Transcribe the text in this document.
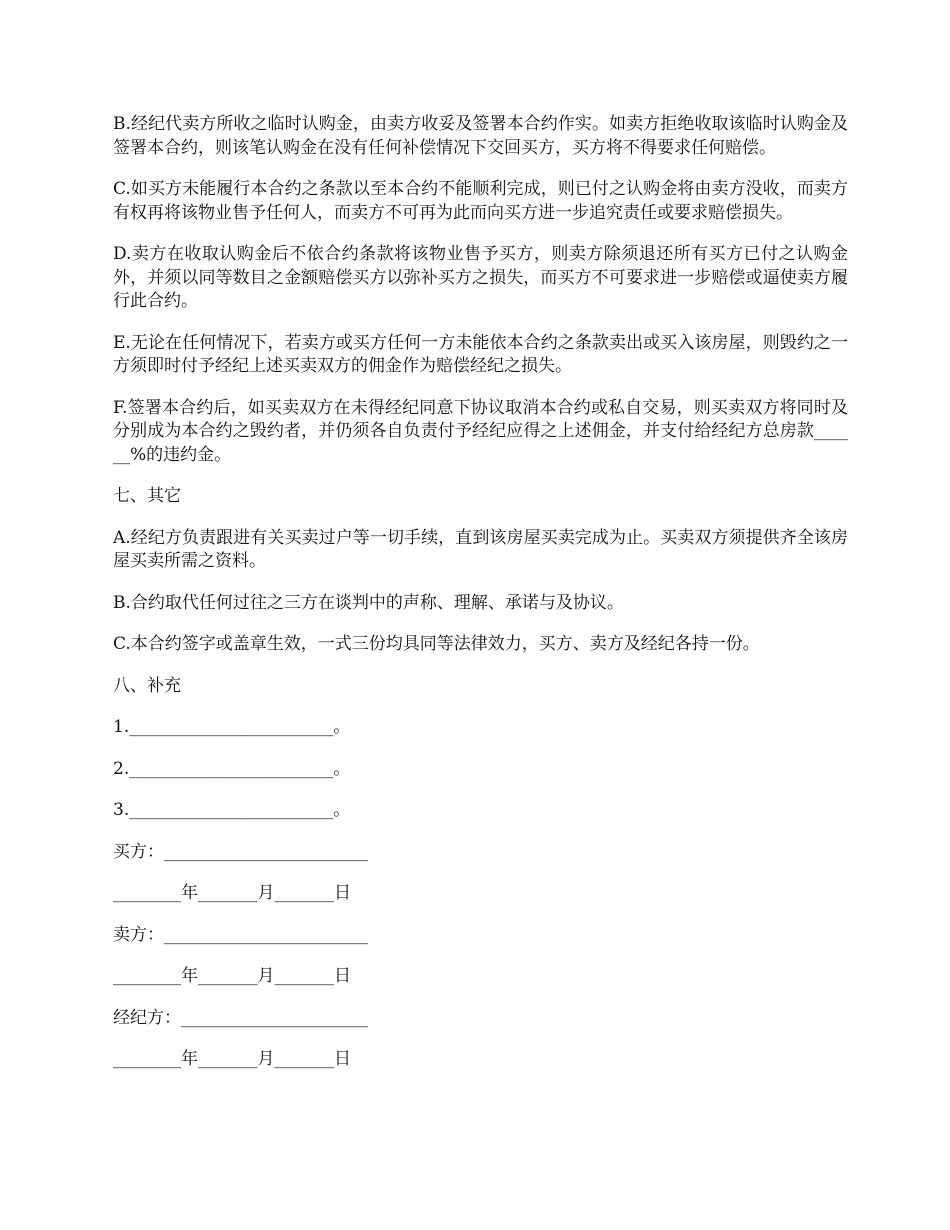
B.经纪代卖方所收之临时认购金，由卖方收妥及签署本合约作实。如卖方拒绝收取该临时认购金及签署本合约，则该笔认购金在没有任何补偿情况下交回买方，买方将不得要求任何赔偿。

C.如买方未能履行本合约之条款以至本合约不能顺利完成，则已付之认购金将由卖方没收，而卖方有权再将该物业售予任何人，而卖方不可再为此而向买方进一步追究责任或要求赔偿损失。

D.卖方在收取认购金后不依合约条款将该物业售予买方，则卖方除须退还所有买方已付之认购金外，并须以同等数目之金额赔偿买方以弥补买方之损失，而买方不可要求进一步赔偿或逼使卖方履行此合约。

E.无论在任何情况下，若卖方或买方任何一方未能依本合约之条款卖出或买入该房屋，则毁约之一方须即时付予经纪上述买卖双方的佣金作为赔偿经纪之损失。

F.签署本合约后，如买卖双方在未得经纪同意下协议取消本合约或私自交易，则买卖双方将同时及分别成为本合约之毁约者，并仍须各自负责付予经纪应得之上述佣金，并支付给经纪方总房款______%的违约金。

七、其它

A.经纪方负责跟进有关买卖过户等一切手续，直到该房屋买卖完成为止。买卖双方须提供齐全该房屋买卖所需之资料。

B.合约取代任何过往之三方在谈判中的声称、理解、承诺与及协议。

C.本合约签字或盖章生效，一式三份均具同等法律效力，买方、卖方及经纪各持一份。

八、补充

1.________________________。

2.________________________。

3.________________________。

买方：________________________

________年_______月_______日

卖方：________________________

________年_______月_______日

经纪方：______________________

________年_______月_______日
